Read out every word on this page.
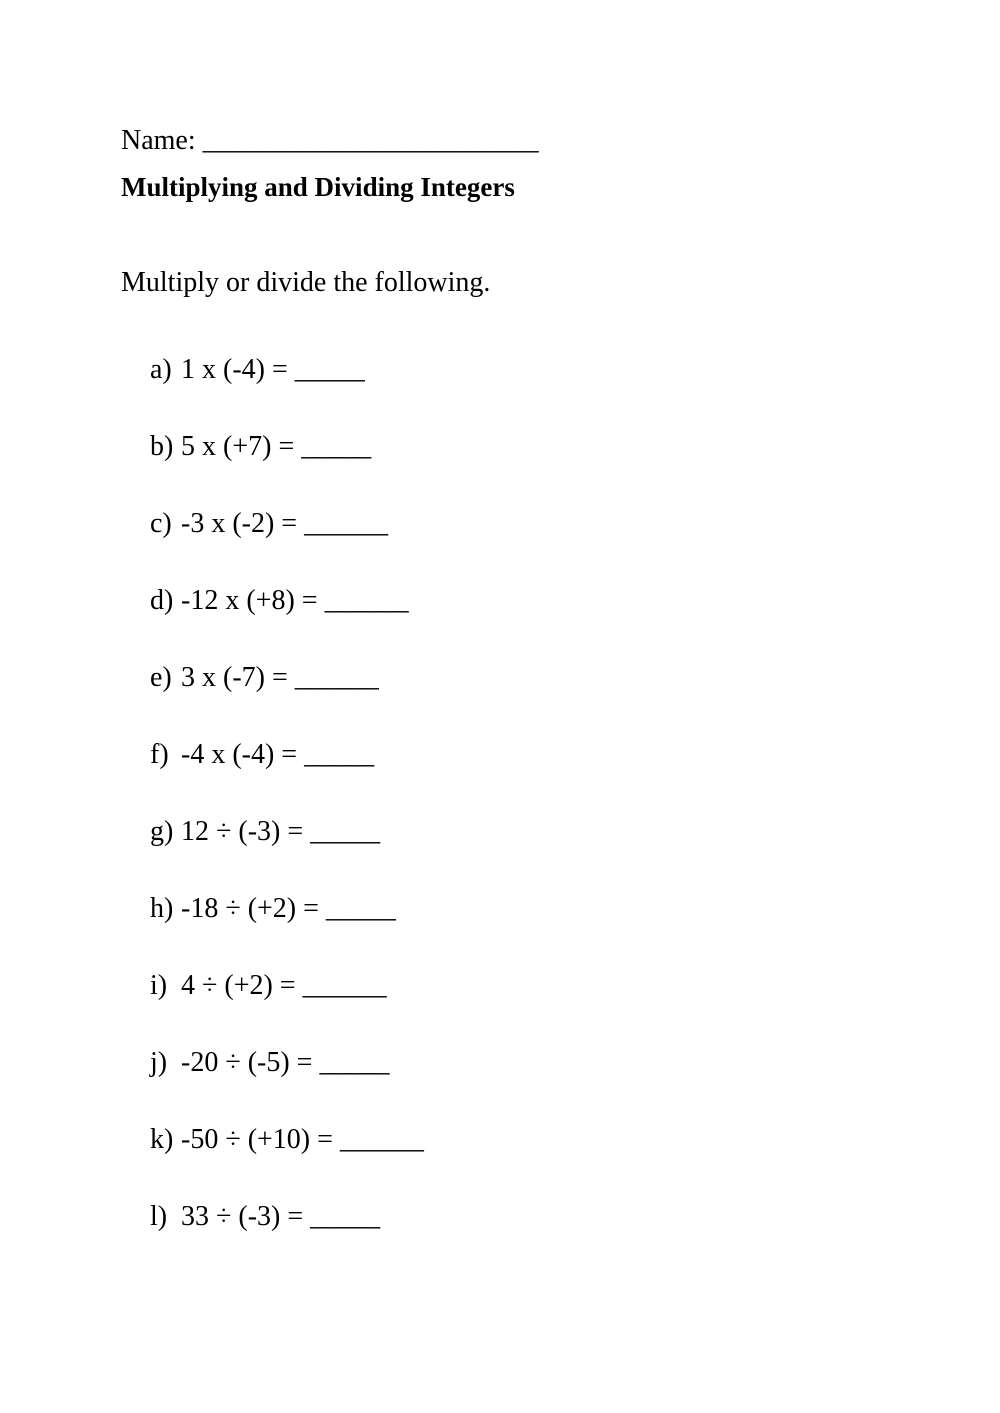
Name: ________________________
Multiplying and Dividing Integers
Multiply or divide the following.
a) 1 x (-4) = _____
b) 5 x (+7) = _____
c) -3 x (-2) = ______
d) -12 x (+8) = ______
e) 3 x (-7) = ______
f) -4 x (-4) = _____
g) 12 ÷ (-3) = _____
h) -18 ÷ (+2) = _____
i) 4 ÷ (+2) = ______
j) -20 ÷ (-5) = _____
k) -50 ÷ (+10) = ______
l) 33 ÷ (-3) = _____
